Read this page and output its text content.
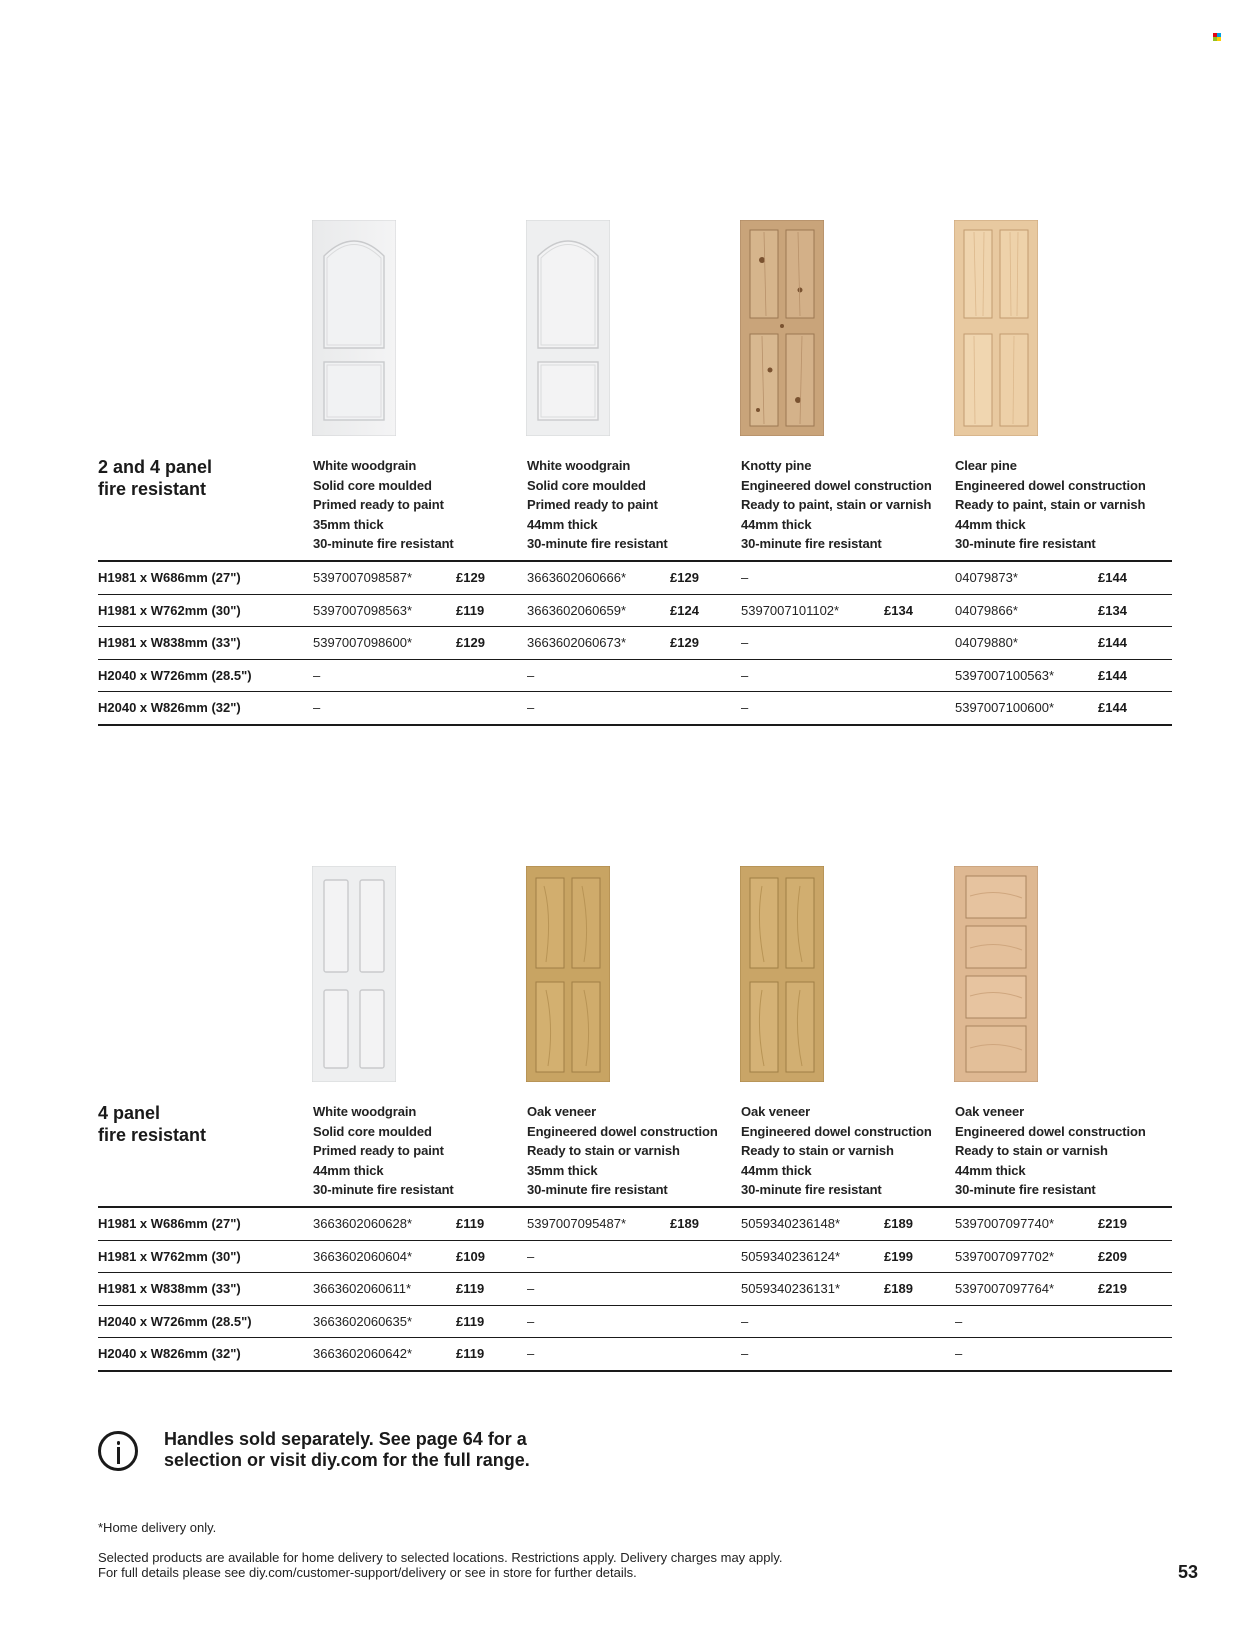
2 and 4 panel
fire resistant
White woodgrain
Solid core moulded
Primed ready to paint
35mm thick
30-minute fire resistant
White woodgrain
Solid core moulded
Primed ready to paint
44mm thick
30-minute fire resistant
Knotty pine
Engineered dowel construction
Ready to paint, stain or varnish
44mm thick
30-minute fire resistant
Clear pine
Engineered dowel construction
Ready to paint, stain or varnish
44mm thick
30-minute fire resistant
H1981 x W686mm (27")	5397007098587*	£129	3663602060666*	£129	–	04079873*	£144
H1981 x W762mm (30")	5397007098563*	£119	3663602060659*	£124	5397007101102*	£134	04079866*	£134
H1981 x W838mm (33")	5397007098600*	£129	3663602060673*	£129	–	04079880*	£144
H2040 x W726mm (28.5")	–	–	–	5397007100563*	£144
H2040 x W826mm (32")	–	–	–	5397007100600*	£144
4 panel
fire resistant
White woodgrain
Solid core moulded
Primed ready to paint
44mm thick
30-minute fire resistant
Oak veneer
Engineered dowel construction
Ready to stain or varnish
35mm thick
30-minute fire resistant
Oak veneer
Engineered dowel construction
Ready to stain or varnish
44mm thick
30-minute fire resistant
Oak veneer
Engineered dowel construction
Ready to stain or varnish
44mm thick
30-minute fire resistant
H1981 x W686mm (27")	3663602060628*	£119	5397007095487*	£189	5059340236148*	£189	5397007097740*	£219
H1981 x W762mm (30")	3663602060604*	£109	–	5059340236124*	£199	5397007097702*	£209
H1981 x W838mm (33")	3663602060611*	£119	–	5059340236131*	£189	5397007097764*	£219
H2040 x W726mm (28.5")	3663602060635*	£119	–	–	–
H2040 x W826mm (32")	3663602060642*	£119	–	–	–
Handles sold separately. See page 64 for a
selection or visit diy.com for the full range.
*Home delivery only.
Selected products are available for home delivery to selected locations. Restrictions apply. Delivery charges may apply.
For full details please see diy.com/customer-support/delivery or see in store for further details.	53
